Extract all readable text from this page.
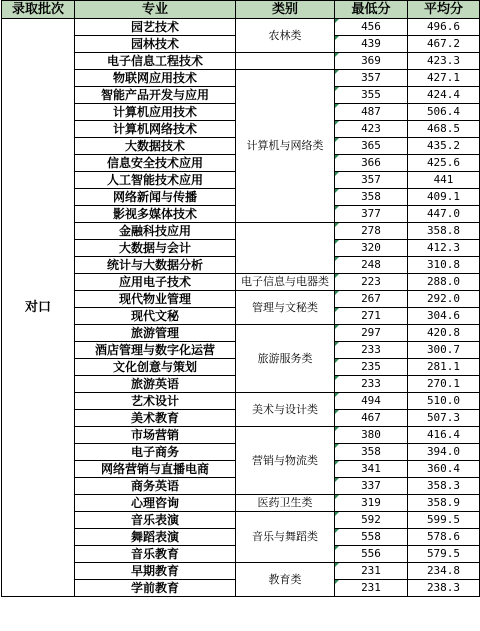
录取批次	专业	类别	最低分	平均分
对口	园艺技术	农林类	456	496.6
	园林技术		439	467.2
	电子信息工程技术		369	423.3
	物联网应用技术	计算机与网络类	357	427.1
	智能产品开发与应用		355	424.4
	计算机应用技术		487	506.4
	计算机网络技术		423	468.5
	大数据技术		365	435.2
	信息安全技术应用		366	425.6
	人工智能技术应用		357	441
	网络新闻与传播		358	409.1
	影视多媒体技术		377	447.0
	金融科技应用		278	358.8
	大数据与会计		320	412.3
	统计与大数据分析		248	310.8
	应用电子技术	电子信息与电器类	223	288.0
	现代物业管理	管理与文秘类	267	292.0
	现代文秘		271	304.6
	旅游管理	旅游服务类	297	420.8
	酒店管理与数字化运营		233	300.7
	文化创意与策划		235	281.1
	旅游英语		233	270.1
	艺术设计	美术与设计类	494	510.0
	美术教育		467	507.3
	市场营销	营销与物流类	380	416.4
	电子商务		358	394.0
	网络营销与直播电商		341	360.4
	商务英语		337	358.3
	心理咨询	医药卫生类	319	358.9
	音乐表演	音乐与舞蹈类	592	599.5
	舞蹈表演		558	578.6
	音乐教育		556	579.5
	早期教育	教育类	231	234.8
	学前教育		231	238.3
